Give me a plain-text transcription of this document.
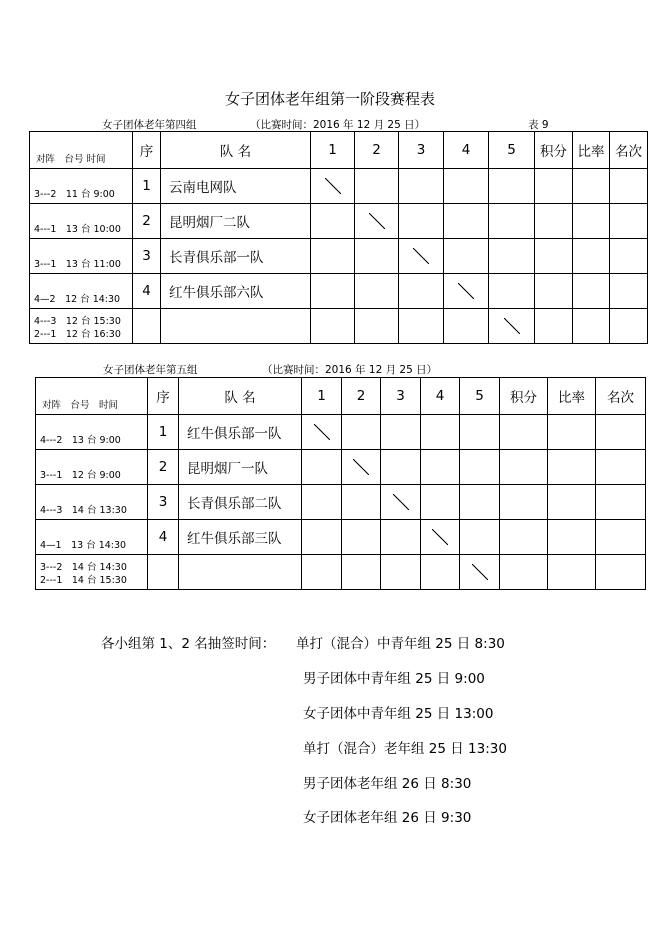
女子团体老年组第一阶段赛程表
女子团体老年第四组	（比赛时间：2016 年 12 月 25 日）	表 9
对阵　台号 时间	序	队 名	1	2	3	4	5	积分	比率	名次

3---2　11 台 9:00	1	云南电网队								

4---1　13 台 10:00	2	昆明烟厂二队								

3---1　13 台 11:00	3	长青俱乐部一队								

4—2　12 台 14:30	4	红牛俱乐部六队								

4---3　12 台 15:30
2---1　12 台 16:30										

女子团体老年第五组	（比赛时间：2016 年 12 月 25 日）
对阵　台号　时间	序	队 名	1	2	3	4	5	积分	比率	名次

4---2　13 台 9:00	1	红牛俱乐部一队								

3---1　12 台 9:00	2	昆明烟厂一队								

4---3　14 台 13:30	3	长青俱乐部二队								

4—1　13 台 14:30	4	红牛俱乐部三队								

3---2　14 台 14:30
2---1　14 台 15:30										

各小组第 1、2 名抽签时间： 单打（混合）中青年组 25 日 8:30
男子团体中青年组 25 日 9:00
女子团体中青年组 25 日 13:00
单打（混合）老年组 25 日 13:30
男子团体老年组 26 日 8:30
女子团体老年组 26 日 9:30
